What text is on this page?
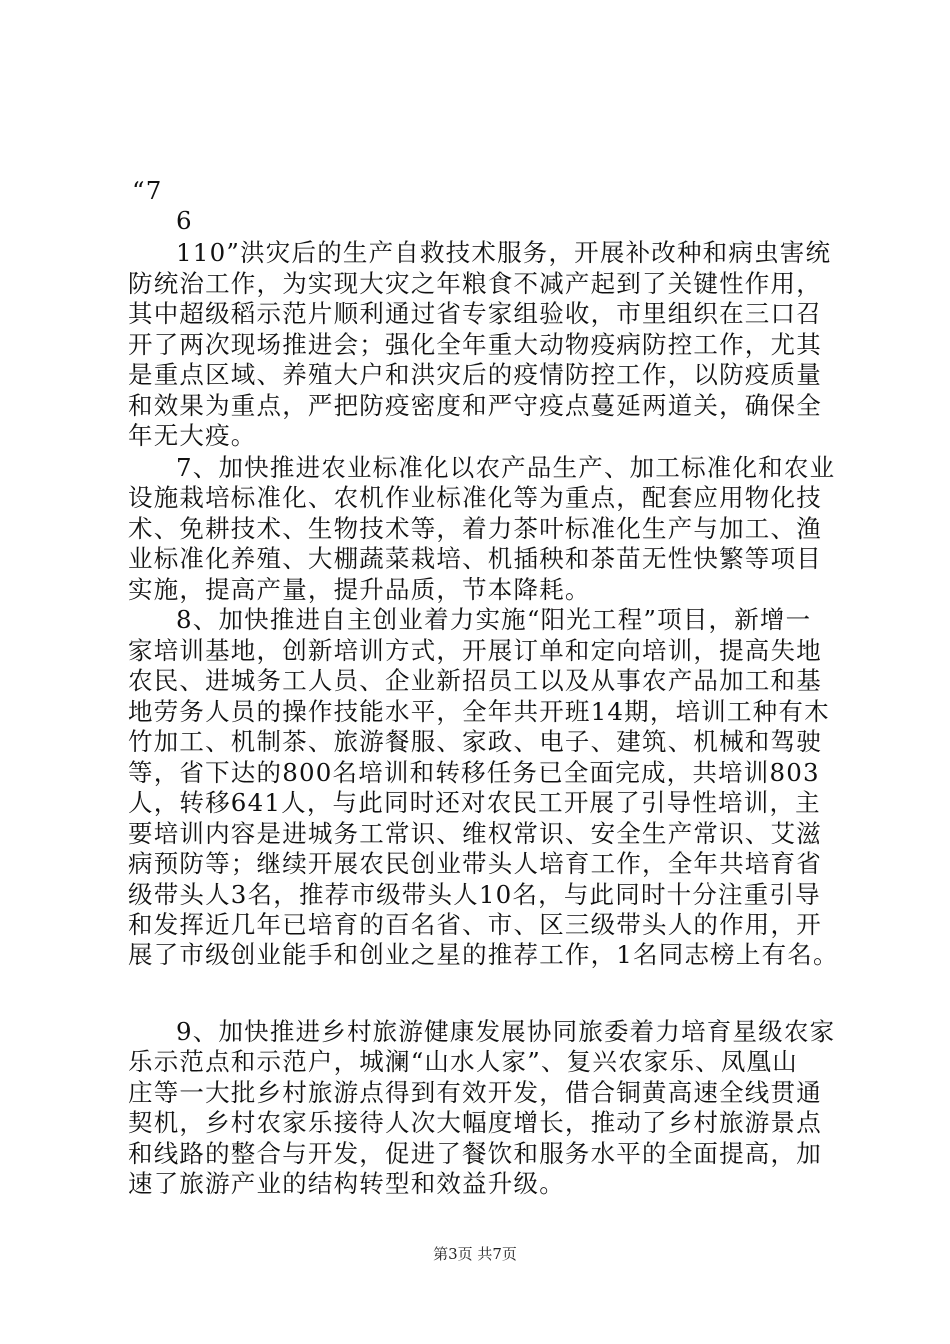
“7
6
110”洪灾后的生产自救技术服务，开展补改种和病虫害统
防统治工作，为实现大灾之年粮食不减产起到了关键性作用，
其中超级稻示范片顺利通过省专家组验收，市里组织在三口召
开了两次现场推进会；强化全年重大动物疫病防控工作，尤其
是重点区域、养殖大户和洪灾后的疫情防控工作，以防疫质量
和效果为重点，严把防疫密度和严守疫点蔓延两道关，确保全
年无大疫。
7、加快推进农业标准化以农产品生产、加工标准化和农业
设施栽培标准化、农机作业标准化等为重点，配套应用物化技
术、免耕技术、生物技术等，着力茶叶标准化生产与加工、渔
业标准化养殖、大棚蔬菜栽培、机插秧和茶苗无性快繁等项目
实施，提高产量，提升品质，节本降耗。
8、加快推进自主创业着力实施“阳光工程”项目，新增一
家培训基地，创新培训方式，开展订单和定向培训，提高失地
农民、进城务工人员、企业新招员工以及从事农产品加工和基
地劳务人员的操作技能水平，全年共开班14期，培训工种有木
竹加工、机制茶、旅游餐服、家政、电子、建筑、机械和驾驶
等，省下达的800名培训和转移任务已全面完成，共培训803
人，转移641人，与此同时还对农民工开展了引导性培训，主
要培训内容是进城务工常识、维权常识、安全生产常识、艾滋
病预防等；继续开展农民创业带头人培育工作，全年共培育省
级带头人3名，推荐市级带头人10名，与此同时十分注重引导
和发挥近几年已培育的百名省、市、区三级带头人的作用，开
展了市级创业能手和创业之星的推荐工作，1名同志榜上有名。
9、加快推进乡村旅游健康发展协同旅委着力培育星级农家
乐示范点和示范户，城澜“山水人家”、复兴农家乐、凤凰山
庄等一大批乡村旅游点得到有效开发，借合铜黄高速全线贯通
契机，乡村农家乐接待人次大幅度增长，推动了乡村旅游景点
和线路的整合与开发，促进了餐饮和服务水平的全面提高，加
速了旅游产业的结构转型和效益升级。
第3页 共7页
